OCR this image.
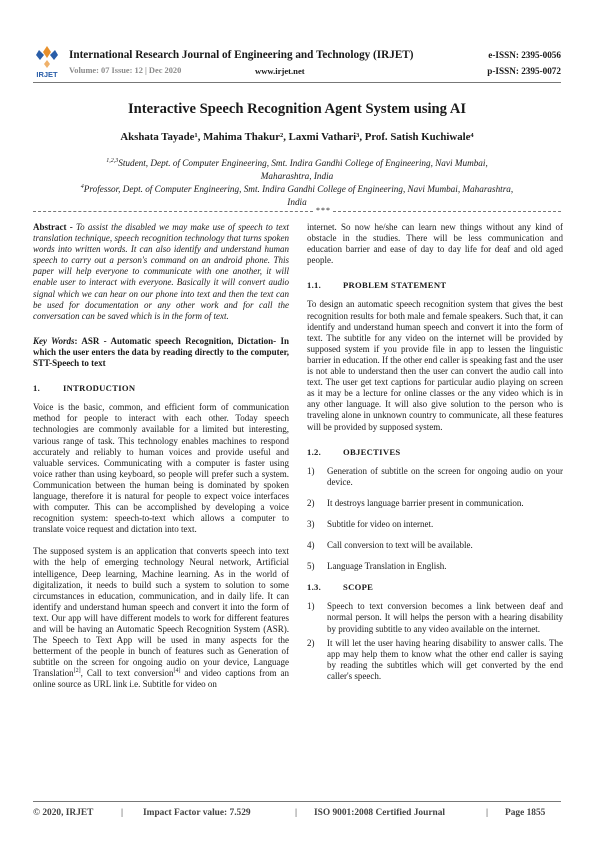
IRJET
International Research Journal of Engineering and Technology (IRJET)	e-ISSN: 2395-0056
Volume: 07 Issue: 12 | Dec 2020	www.irjet.net	p-ISSN: 2395-0072
Interactive Speech Recognition Agent System using AI
Akshata Tayade¹, Mahima Thakur², Laxmi Vathari³, Prof. Satish Kuchiwale⁴
$^{1,2,3}$Student, Dept. of Computer Engineering, Smt. Indira Gandhi College of Engineering, Navi Mumbai, Maharashtra, India
$^4$Professor, Dept. of Computer Engineering, Smt. Indira Gandhi College of Engineering, Navi Mumbai, Maharashtra, India
***

Abstract - To assist the disabled we may make use of speech to text translation technique, speech recognition technology that turns spoken words into written words. It can also identify and understand human speech to carry out a person's command on an android phone. This paper will help everyone to communicate with one another, it will enable user to interact with everyone. Basically it will convert audio signal which we can hear on our phone into text and then the text can be used for documentation or any other work and for call the conversation can be saved which is in the form of text.

Key Words: ASR - Automatic speech Recognition, Dictation- In which the user enters the data by reading directly to the computer, STT-Speech to text

1.	INTRODUCTION

Voice is the basic, common, and efficient form of communication method for people to interact with each other. Today speech technologies are commonly available for a limited but interesting, various range of task. This technology enables machines to respond accurately and reliably to human voices and provide useful and valuable services. Communicating with a computer is faster using voice rather than using keyboard, so people will prefer such a system. Communication between the human being is dominated by spoken language, therefore it is natural for people to expect voice interfaces with computer. This can be accomplished by developing a voice recognition system: speech-to-text which allows a computer to translate voice request and dictation into text.

The supposed system is an application that converts speech into text with the help of emerging technology Neural network, Artificial intelligence, Deep learning, Machine learning. As in the world of digitalization, it needs to build such a system to solution to some circumstances in education, communication, and in daily life. It can identify and understand human speech and convert it into the form of text. Our app will have different models to work for different features and will be having an Automatic Speech Recognition System (ASR). The Speech to Text App will be used in many aspects for the betterment of the people in bunch of features such as Generation of subtitle on the screen for ongoing audio on your device, Language Translation[2], Call to text conversion[4] and video captions from an online source as URL link i.e. Subtitle for video on

internet. So now he/she can learn new things without any kind of obstacle in the studies. There will be less communication and education barrier and ease of day to day life for deaf and old aged people.

1.1.	PROBLEM STATEMENT

To design an automatic speech recognition system that gives the best recognition results for both male and female speakers. Such that, it can identify and understand human speech and convert it into the form of text. The subtitle for any video on the internet will be provided by supposed system if you provide file in app to lessen the linguistic barrier in education. If the other end caller is speaking fast and the user is not able to understand then the user can convert the audio call into text. The user get text captions for particular audio playing on screen as it may be a lecture for online classes or the any video which is in any other language. It will also give solution to the person who is traveling alone in unknown country to communicate, all these features will be provided by supposed system.

1.2.	OBJECTIVES
1) Generation of subtitle on the screen for ongoing audio on your device.
2) It destroys language barrier present in communication.
3) Subtitle for video on internet.
4) Call conversion to text will be available.
5) Language Translation in English.
1.3.	SCOPE
1) Speech to text conversion becomes a link between deaf and normal person. It will helps the person with a hearing disability by providing subtitle to any video available on the internet.
2) It will let the user having hearing disability to answer calls. The app may help them to know what the other end caller is saying by reading the subtitles which will get converted by the end caller's speech.
© 2020, IRJET	| Impact Factor value: 7.529	| ISO 9001:2008 Certified Journal	| Page 1855
